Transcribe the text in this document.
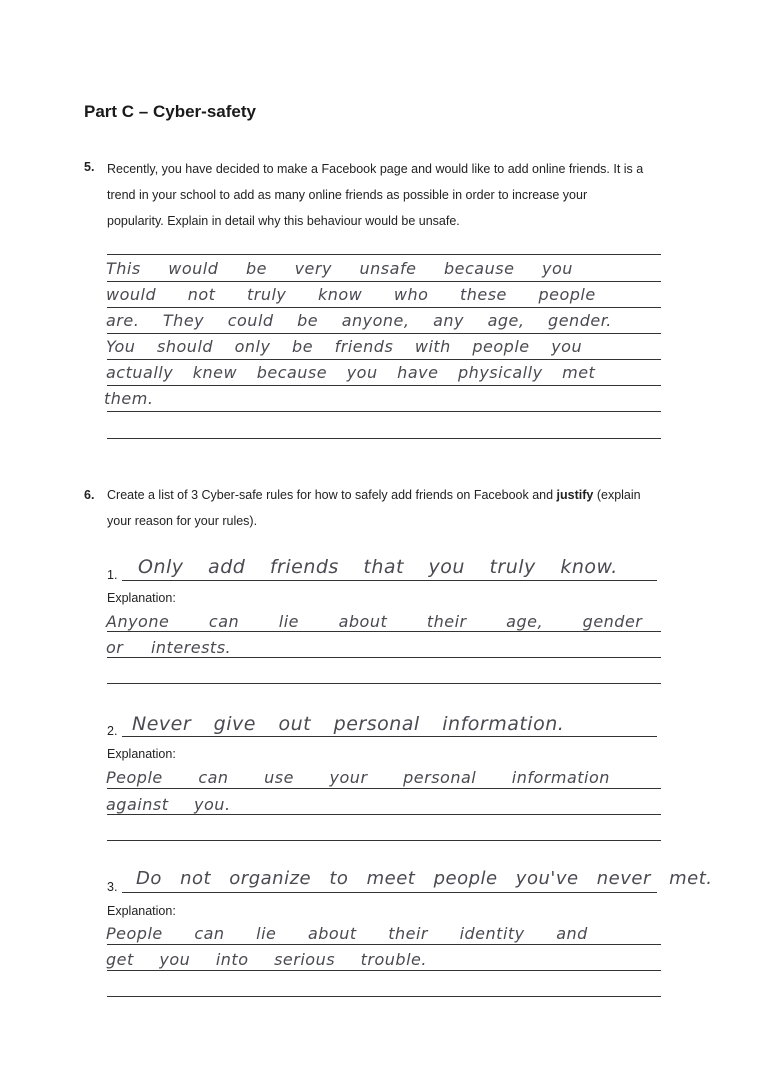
Part C – Cyber-safety
5. Recently, you have decided to make a Facebook page and would like to add online friends. It is a
trend in your school to add as many online friends as possible in order to increase your
popularity. Explain in detail why this behaviour would be unsafe.
This would be very unsafe because you
would not truly know who these people
are. They could be anyone, any age, gender.
You should only be friends with people you
actually knew because you have physically met
them.
6. Create a list of 3 Cyber-safe rules for how to safely add friends on Facebook and justify (explain
your reason for your rules).
1. Only add friends that you truly know.
Explanation:
Anyone can lie about their age, gender
or interests.
2. Never give out personal information.
Explanation:
People can use your personal information
against you.
3. Do not organize to meet people you've never met.
Explanation:
People can lie about their identity and
get you into serious trouble.
